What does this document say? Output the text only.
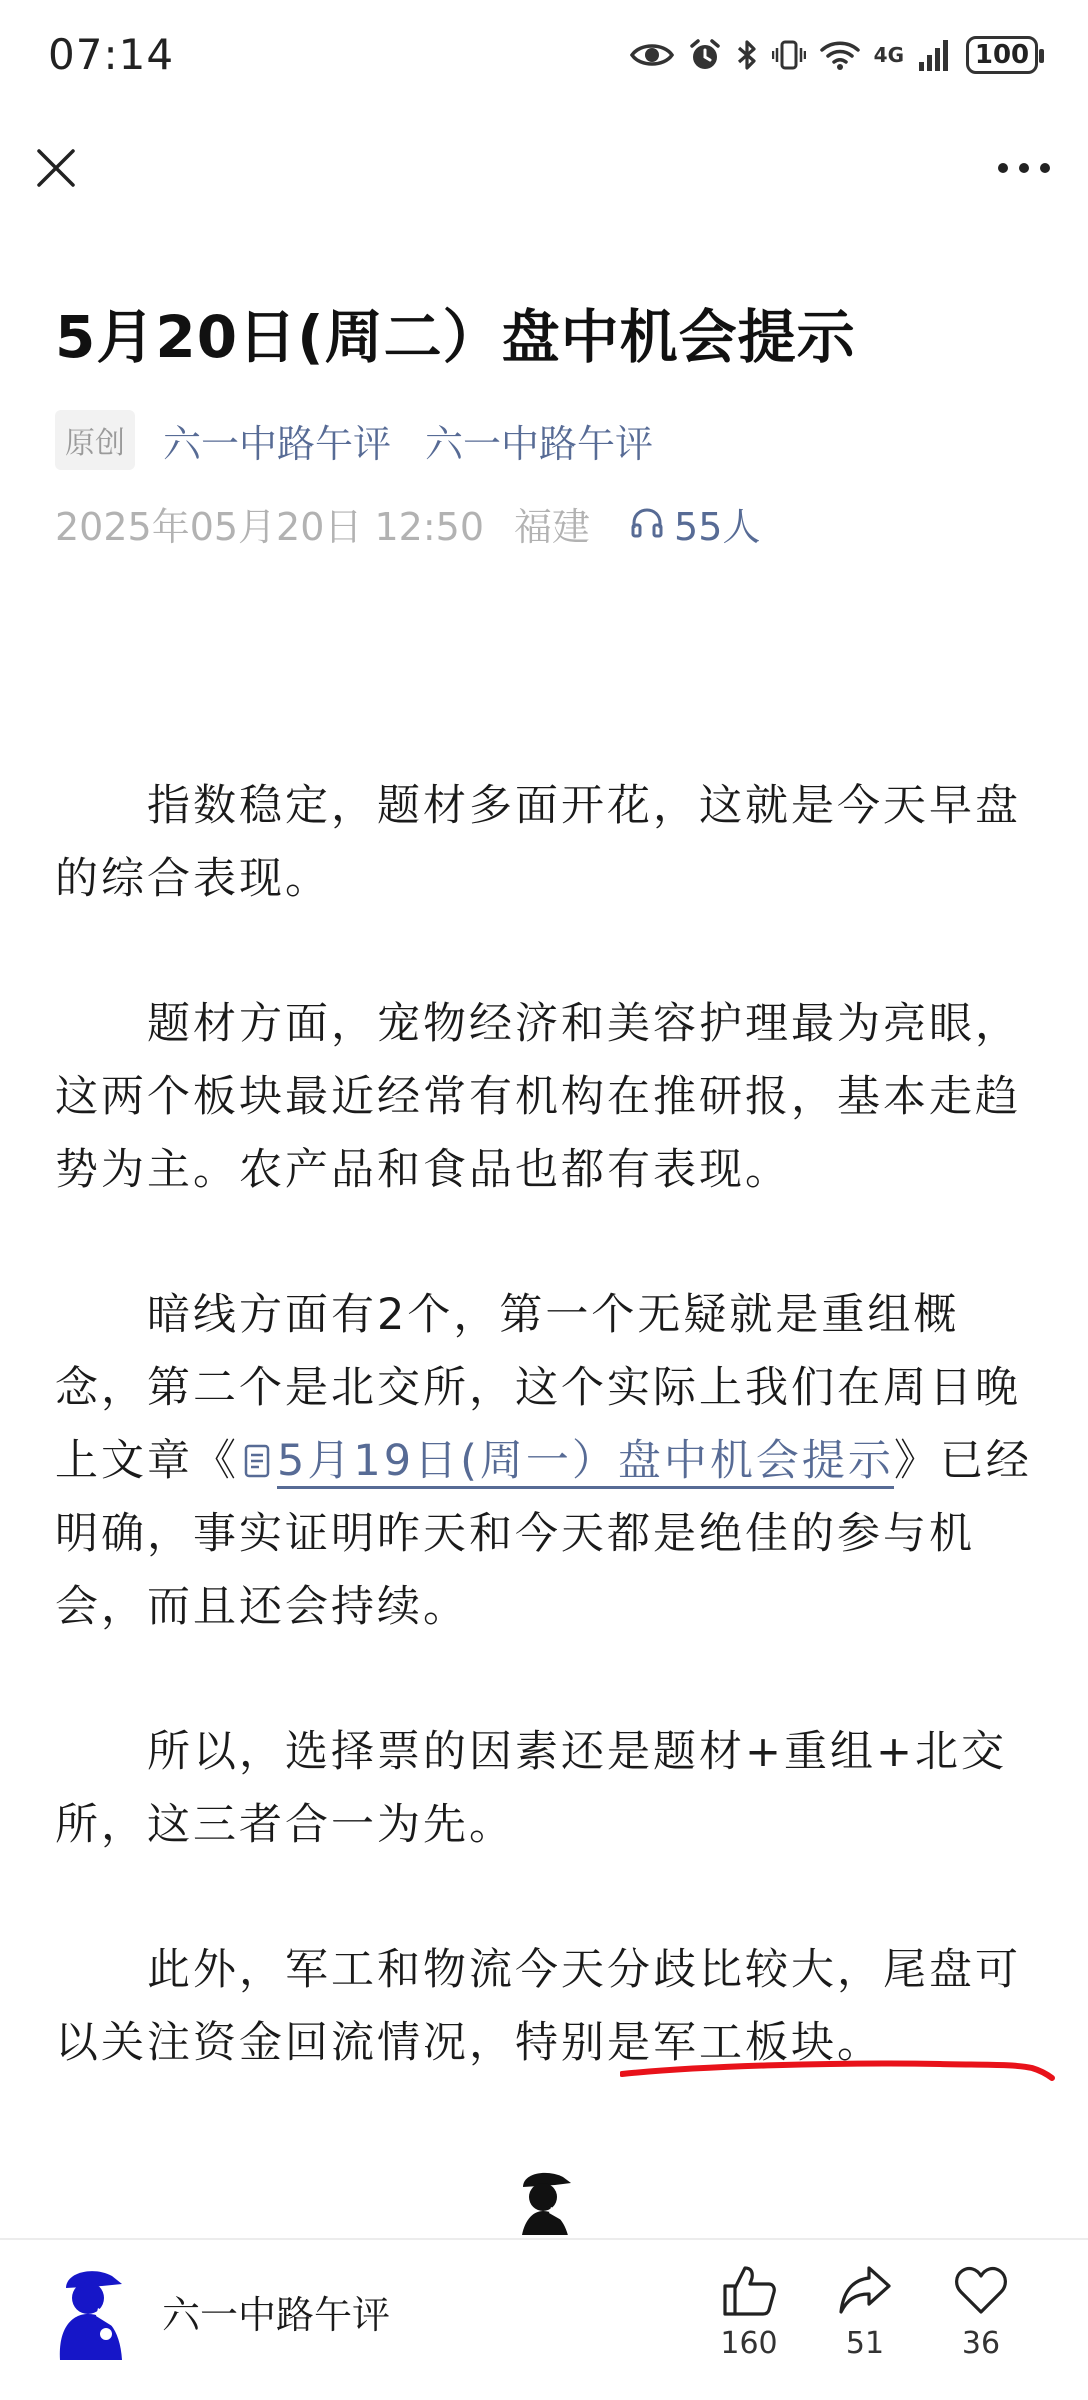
07:14	4G	100
5月20日(周二）盘中机会提示
原创 六一中路午评 六一中路午评
2025年05月20日 12:50 福建 55人

指数稳定，题材多面开花，这就是今天早盘的综合表现。

题材方面，宠物经济和美容护理最为亮眼，这两个板块最近经常有机构在推研报，基本走趋势为主。农产品和食品也都有表现。

暗线方面有2个，第一个无疑就是重组概念，第二个是北交所，这个实际上我们在周日晚上文章《 5月19日(周一）盘中机会提示》已经明确，事实证明昨天和今天都是绝佳的参与机会，而且还会持续。

所以，选择票的因素还是题材+重组+北交所，这三者合一为先。

此外，军工和物流今天分歧比较大，尾盘可以关注资金回流情况，特别是军工板块。

六一中路午评
160	51	36
